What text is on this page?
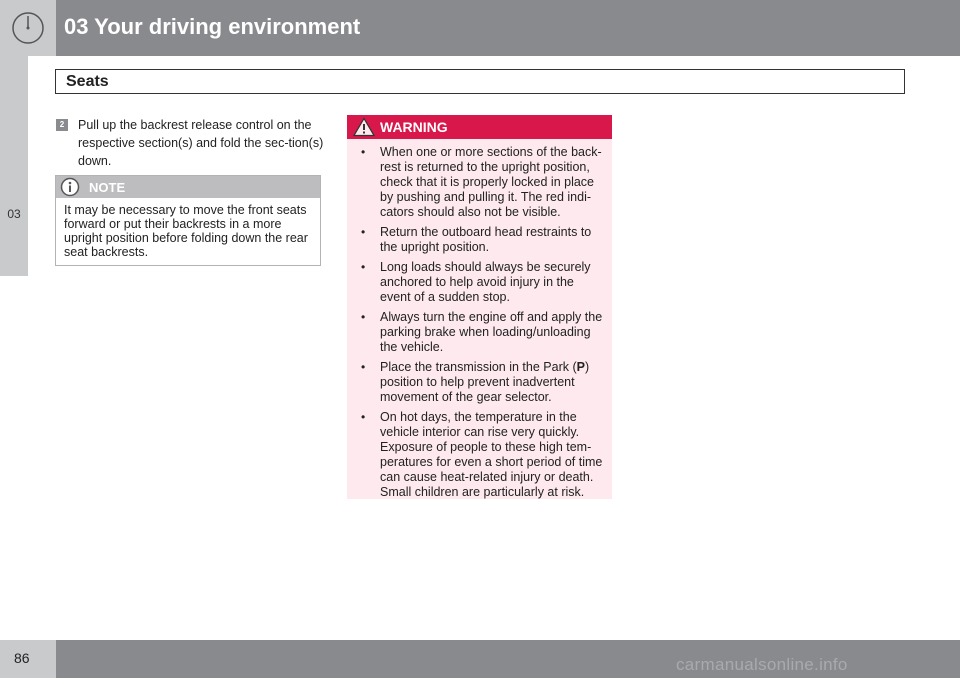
03 Your driving environment
03
Seats
2	Pull up the backrest release control on the respective section(s) and fold the sec-tion(s) down.
NOTE
It may be necessary to move the front seats forward or put their backrests in a more upright position before folding down the rear seat backrests.
WARNING
• When one or more sections of the back-rest is returned to the upright position, check that it is properly locked in place by pushing and pulling it. The red indi-cators should also not be visible.
• Return the outboard head restraints to the upright position.
• Long loads should always be securely anchored to help avoid injury in the event of a sudden stop.
• Always turn the engine off and apply the parking brake when loading/unloading the vehicle.
• Place the transmission in the Park (P) position to help prevent inadvertent movement of the gear selector.
• On hot days, the temperature in the vehicle interior can rise very quickly. Exposure of people to these high tem-peratures for even a short period of time can cause heat-related injury or death. Small children are particularly at risk.
86	carmanualsonline.info
